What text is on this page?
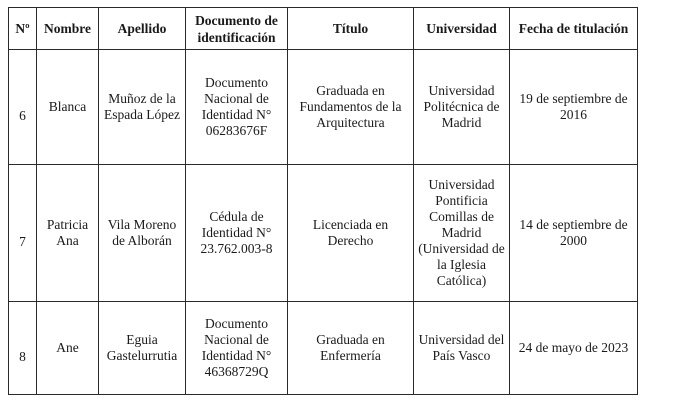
Nº	Nombre	Apellido	Documento de identificación	Título	Universidad	Fecha de titulación
6	Blanca	Muñoz de la Espada López	Documento Nacional de Identidad N° 06283676F	Graduada en Fundamentos de la Arquitectura	Universidad Politécnica de Madrid	19 de septiembre de 2016
7	Patricia Ana	Vila Moreno de Alborán	Cédula de Identidad N° 23.762.003-8	Licenciada en Derecho	Universidad Pontificia Comillas de Madrid (Universidad de la Iglesia Católica)	14 de septiembre de 2000
8	Ane	Eguia Gastelurrutia	Documento Nacional de Identidad N° 46368729Q	Graduada en Enfermería	Universidad del País Vasco	24 de mayo de 2023
